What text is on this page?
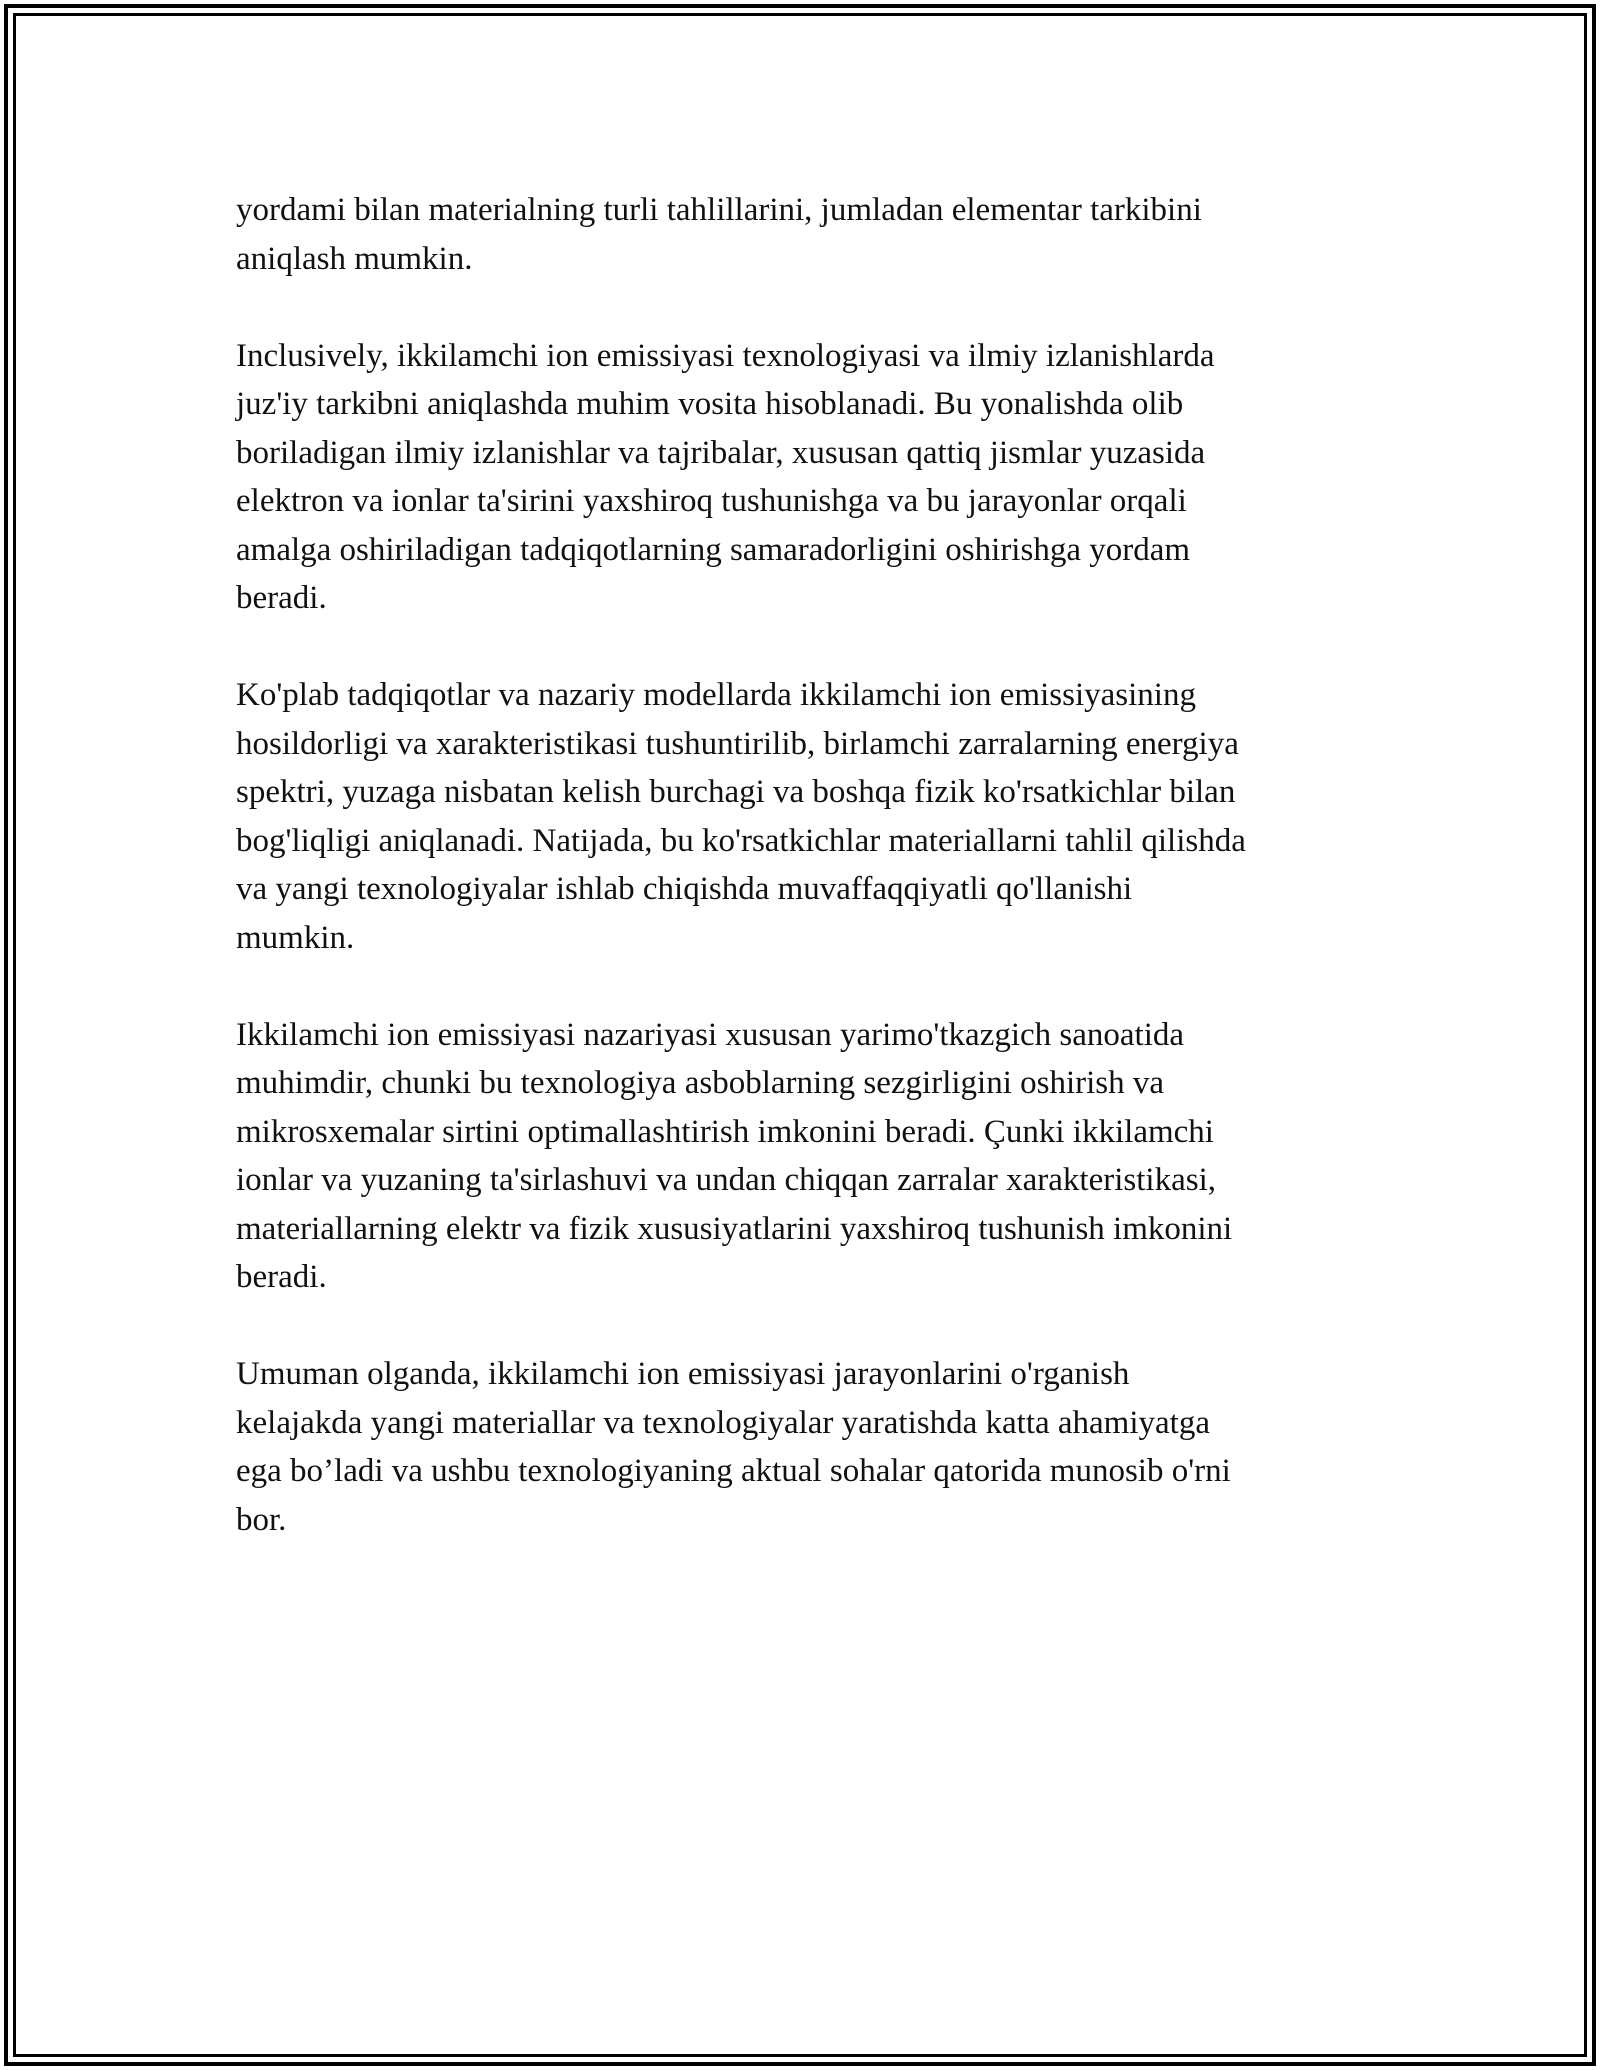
yordami bilan materialning turli tahlillarini, jumladan elementar tarkibini
aniqlash mumkin.

Inclusively, ikkilamchi ion emissiyasi texnologiyasi va ilmiy izlanishlarda
juz'iy tarkibni aniqlashda muhim vosita hisoblanadi. Bu yonalishda olib
boriladigan ilmiy izlanishlar va tajribalar, xususan qattiq jismlar yuzasida
elektron va ionlar ta'sirini yaxshiroq tushunishga va bu jarayonlar orqali
amalga oshiriladigan tadqiqotlarning samaradorligini oshirishga yordam
beradi.

Ko'plab tadqiqotlar va nazariy modellarda ikkilamchi ion emissiyasining
hosildorligi va xarakteristikasi tushuntirilib, birlamchi zarralarning energiya
spektri, yuzaga nisbatan kelish burchagi va boshqa fizik ko'rsatkichlar bilan
bog'liqligi aniqlanadi. Natijada, bu ko'rsatkichlar materiallarni tahlil qilishda
va yangi texnologiyalar ishlab chiqishda muvaffaqqiyatli qo'llanishi
mumkin.

Ikkilamchi ion emissiyasi nazariyasi xususan yarimo'tkazgich sanoatida
muhimdir, chunki bu texnologiya asboblarning sezgirligini oshirish va
mikrosxemalar sirtini optimallashtirish imkonini beradi. Çunki ikkilamchi
ionlar va yuzaning ta'sirlashuvi va undan chiqqan zarralar xarakteristikasi,
materiallarning elektr va fizik xususiyatlarini yaxshiroq tushunish imkonini
beradi.

Umuman olganda, ikkilamchi ion emissiyasi jarayonlarini o'rganish
kelajakda yangi materiallar va texnologiyalar yaratishda katta ahamiyatga
ega bo’ladi va ushbu texnologiyaning aktual sohalar qatorida munosib o'rni
bor.
